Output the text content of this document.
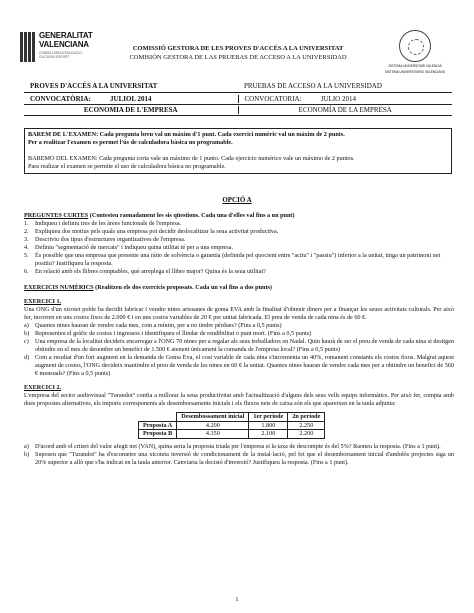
GENERALITAT
VALENCIANA
CONSELLERIA D'EDUCACIÓ, CULTURA I ESPORT
COMISSIÓ GESTORA DE LES PROVES D'ACCÉS A LA UNIVERSITAT
COMISIÓN GESTORA DE LAS PRUEBAS DE ACCESO A LA UNIVERSIDAD
SISTEMA UNIVERSITARI VALENCIÀ
SISTEMA UNIVERSITARIO VALENCIANO
PROVES D'ACCÉS A LA UNIVERSITAT	PRUEBAS DE ACCESO A LA UNIVERSIDAD
CONVOCATÒRIA:	JULIOL 2014	CONVOCATORIA:	JULIO 2014
ECONOMIA DE L'EMPRESA	ECONOMÍA DE LA EMPRESA
BAREM DE L'EXAMEN: Cada pregunta breu val un màxim d'1 punt. Cada exercici numèric val un màxim de 2 punts.
Per a realitzar l'examen es permet l'ús de calculadora bàsica no programable.
BAREMO DEL EXAMEN: Cada pregunta corta vale un máximo de 1 punto. Cada ejercicio numérico vale un máximo de 2 puntos.
Para realizar el examen se permite el uso de calculadora básica no programable.
OPCIÓ A
PREGUNTES CURTES (Contesteu raonadament les sis qüestions. Cada una d'elles val fins a un punt)
1.	Indiqueu i definiu tres de les àrees funcionals de l'empresa.
2.	Expliqueu dos motius pels quals una empresa pot decidir deslocalitzar la seua activitat productiva.
3.	Descriviu dos tipus d'estructures organitzatives de l'empresa.
4.	Definiu "segmentació de mercats" i indiqueu quina utilitat té per a una empresa.
5.	És possible que una empresa que presente una ràtio de solvència o garantia (definida pel quocient entre "actiu" i "passiu") inferior a la unitat, tinga un patrimoni net positiu? Justifiqueu la resposta.
6.	En relació amb els llibres comptables, què arreplega el llibre major? Quina és la seua utilitat?
EXERCICIS NUMÈRICS (Realitzeu els dos exercicis proposats. Cada un val fins a dos punts)
EXERCICI 1.
Una ONG d'un xicotet poble ha decidit fabricar i vendre nines artesanes de goma EVA amb la finalitat d'obtenir diners per a finançar les seues activitats culturals. Per això fer, incorren en uns costos fixos de 2.000 € i en uns costos variables de 20 € per unitat fabricada. El preu de venda de cada nina és de 60 €.
a) Quantes nines hauran de vendre cada mes, com a mínim, per a no tindre pèrdues? (Fins a 0,5 punts)
b) Representeu el gràfic de costos i ingressos i identifiqueu el llindar de rendibilitat o punt mort. (Fins a 0,5 punts)
c) Una empresa de la localitat decideix encarregar a l'ONG 70 nines per a regalar als seus treballadors en Nadal. Quin haurà de ser el preu de venda de cada nina si desitgen obtindre en el mes de desembre un benefici de 1.500 € atenent únicament la comanda de l'empresa local? (Fins a 0,5 punts)
d) Com a resultat d'un fort augment en la demanda de Goma Eva, el cost variable de cada nina s'incrementa un 40%, romanent constants els costos fixos. Malgrat aquest augment de costos, l'ONG decideix mantindre el preu de venda de les nines en 60 € la unitat. Quantes nines hauran de vendre cada mes per a obtindre un benefici de 560 € mensuals? (Fins a 0,5 punts)
EXERCICI 2.
L'empresa del sector audiovisual "Turandot" confia a millorar la seua productivitat amb l'actualització d'alguns dels seus vells equips informàtics. Per això fer, compta amb dues propostes alternatives, els imports corresponents als desemborsaments inicials i els fluxos nets de caixa són els que apareixen en la taula adjunta:
	Desembossament inicial	1er període	2n període
Proposta A	4.200	1.800	2.250
Proposta B	4.350	2.100	2.200
a) D'acord amb el criteri del valor afegit net (VAN), quina seria la proposta triada per l'empresa si la taxa de descompte és del 5%? Raoneu la resposta. (Fins a 1 punt).
b) Suposeu que "Turandot" ha d'escometre una xicoteta inversió de condicionament de la instal·lació, pel fet que el desemborsament inicial d'ambdós projectes siga un 20% superior a allò que s'ha indicat en la taula anterior. Canviaria la decisió d'inversió? Justifiqueu la resposta. (Fins a 1 punt).
1
